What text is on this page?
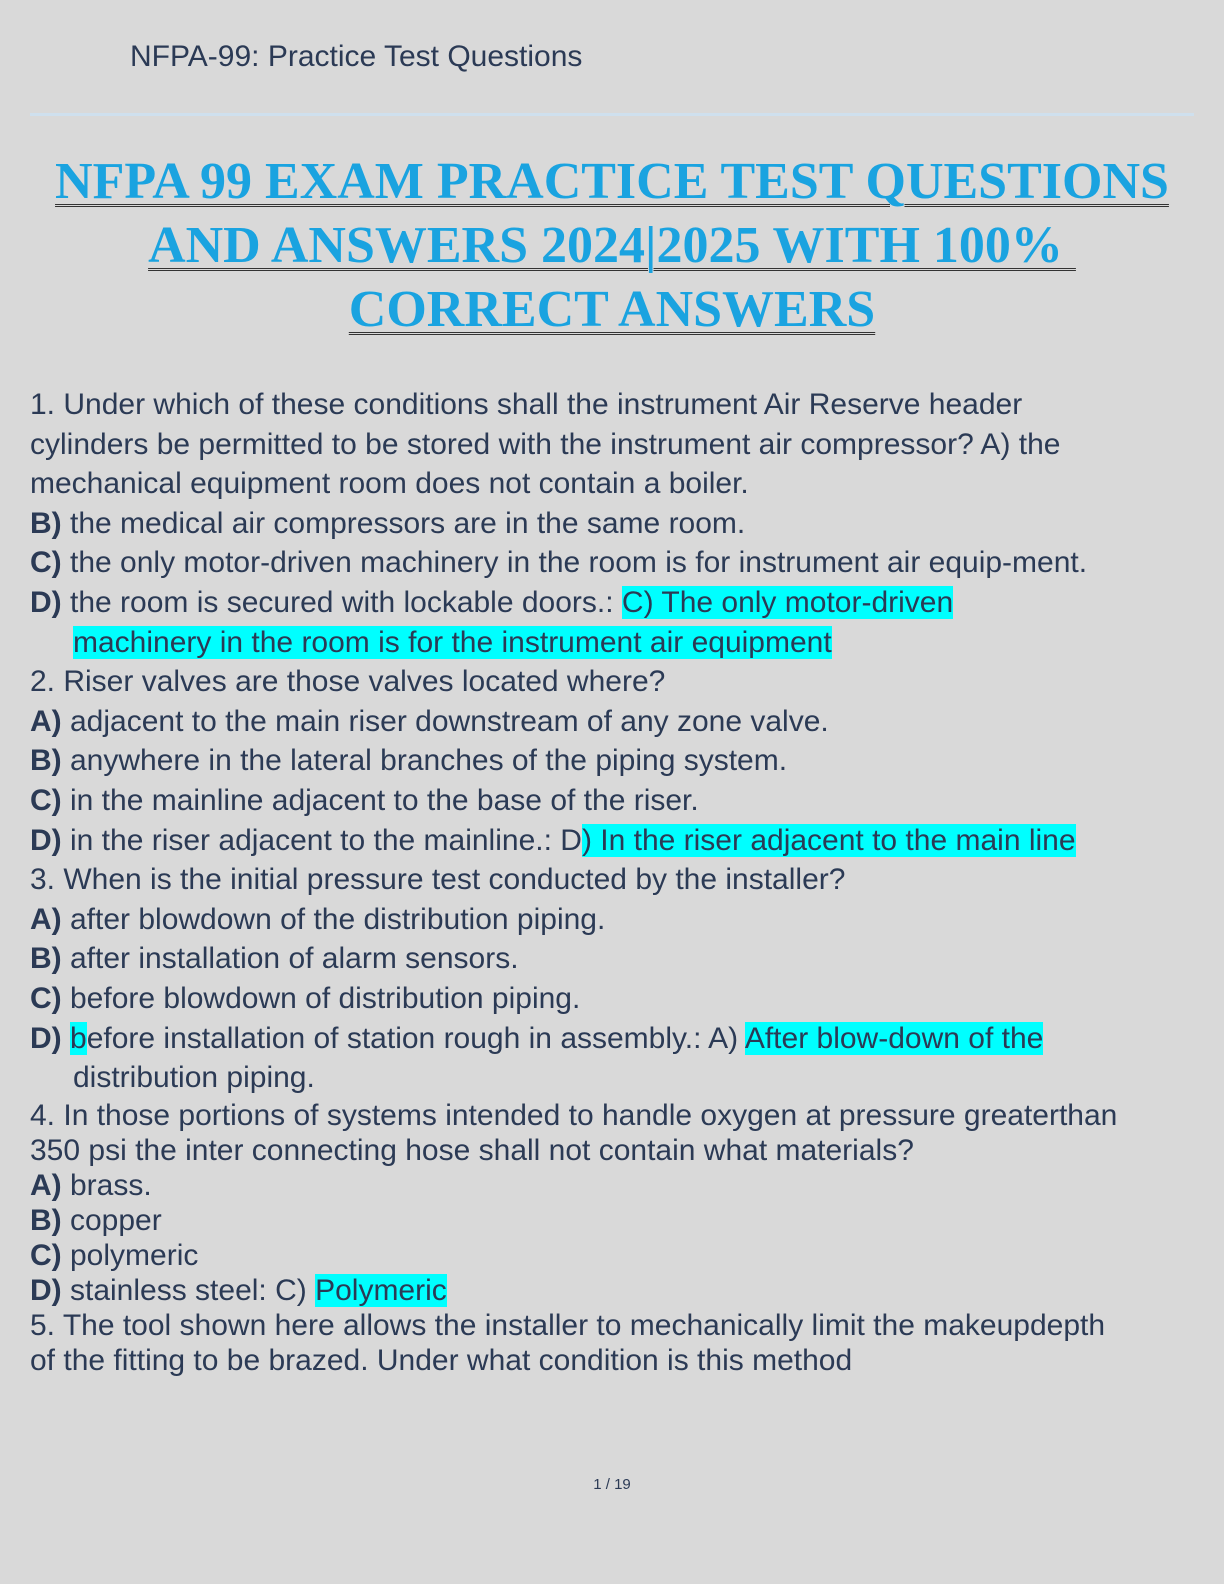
NFPA-99: Practice Test Questions
NFPA 99 EXAM PRACTICE TEST QUESTIONS
AND ANSWERS 2024|2025 WITH 100%
CORRECT ANSWERS
1. Under which of these conditions shall the instrument Air Reserve header
cylinders be permitted to be stored with the instrument air compressor? A) the
mechanical equipment room does not contain a boiler.
B) the medical air compressors are in the same room.
C) the only motor-driven machinery in the room is for instrument air equip-ment.
D) the room is secured with lockable doors.: C) The only motor-driven
machinery in the room is for the instrument air equipment
2. Riser valves are those valves located where?
A) adjacent to the main riser downstream of any zone valve.
B) anywhere in the lateral branches of the piping system.
C) in the mainline adjacent to the base of the riser.
D) in the riser adjacent to the mainline.: D) In the riser adjacent to the main line
3. When is the initial pressure test conducted by the installer?
A) after blowdown of the distribution piping.
B) after installation of alarm sensors.
C) before blowdown of distribution piping.
D) before installation of station rough in assembly.: A) After blow-down of the
distribution piping.
4. In those portions of systems intended to handle oxygen at pressure greaterthan
350 psi the inter connecting hose shall not contain what materials?
A) brass.
B) copper
C) polymeric
D) stainless steel: C) Polymeric
5. The tool shown here allows the installer to mechanically limit the makeupdepth
of the fitting to be brazed. Under what condition is this method
1 / 19
